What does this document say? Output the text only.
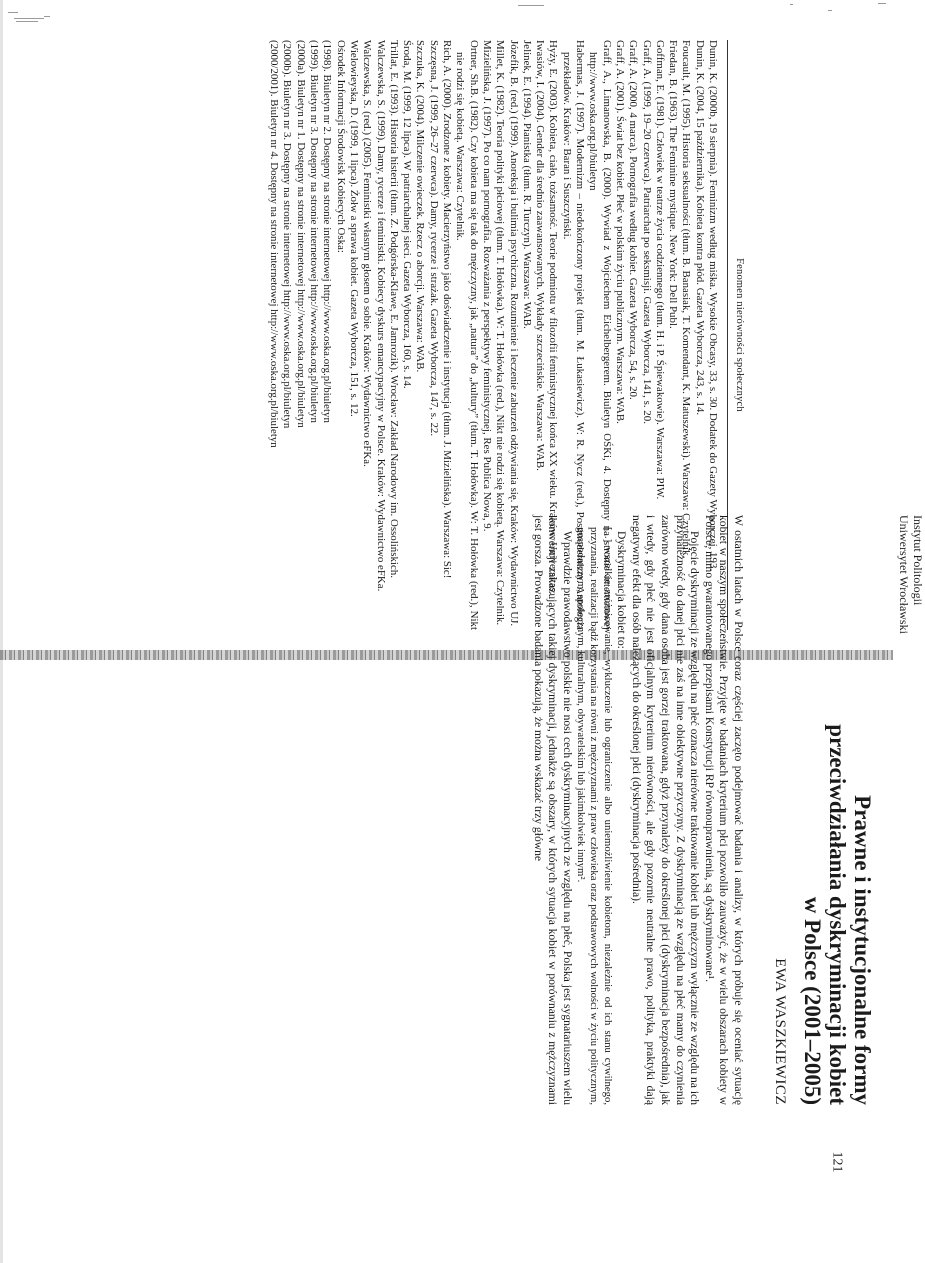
Fenomen nierówności społecznych
Dunin, K. (2000b, 19 sierpnia). Feminizm według miśka. Wysokie Obcasy, 33, s. 30. Dodatek do Gazety Wyborczej, 193.
Dunin, K. (2004, 15 października). Kobieta kontra płód. Gazeta Wyborcza, 243, s. 14.
Foucault, M. (1995). Historia seksualności (tłum. B. Banasiak, T. Komendant, K. Matuszewski). Warszawa: Czytelnik.
Friedan, B. (1963). The Feminine mystique. New York: Dell Publ.
Goffman, E. (1981). Człowiek w teatrze życia codziennego (tłum. H. i P. Śpiewakowie). Warszawa: PIW.
Graff, A. (1999, 19–20 czerwca). Patriarchat po seksmisji. Gazeta Wyborcza, 141, s. 20.
Graff, A. (2000, 4 marca). Pornografia według kobiet. Gazeta Wyborcza, 54, s. 20.
Graff, A. (2001). Świat bez kobiet. Płeć w polskim życiu publicznym. Warszawa: WAB.
Graff, A., Limanowska, B. (2000). Wywiad z Wojciechem Eichelbergerem. Biuletyn OŚKi, 4. Dostępny na stronie internetowej http://www.oska.org.pl/biuletyn
Habermas, J. (1997). Modernizm – niedokończony projekt (tłum. M. Łukasiewicz). W: R. Nycz (red.), Postmodernizm. Antologia przekładów. Kraków: Baran i Suszczyński.
Hyży, E. (2003). Kobieta, ciało, tożsamość. Teorie podmiotu w filozofii feministycznej końca XX wieku. Kraków: Universitas.
Iwasiów, I. (2004). Gender dla średnio zaawansowanych. Wykłady szczecińskie. Warszawa: WAB.
Jelinek, E. (1994). Pianistka (tłum. R. Turczyn). Warszawa: WAB.
Józefik, B. (red.) (1999). Anoreksja i bulimia psychiczna. Rozumienie i leczenie zaburzeń odżywiania się. Kraków: Wydawnictwo UJ.
Millet, K. (1982). Teoria polityki płciowej (tłum. T. Hołówka). W: T. Hołówka (red.), Nikt nie rodzi się kobietą. Warszawa: Czytelnik.
Mizielińska, J. (1997). Po co nam pornografia. Rozważania z perspektywy feministycznej, Res Publica Nowa, 9.
Ortner, Sh.B. (1982). Czy kobieta ma się tak do mężczyzny, jak „natura” do „kultury” (tłum. T. Hołówka). W: T. Hołówka (red.), Nikt nie rodzi się kobietą. Warszawa: Czytelnik.
Rich, A. (2000). Zrodzone z kobiety. Macierzyństwo jako doświadczenie i instytucja (tłum. J. Mizielińska). Warszawa: Sic!
Szczęsna, J. (1999, 26–27 czerwca). Damy, rycerze i strażak. Gazeta Wyborcza, 147, s. 22.
Szczuka, K. (2004). Milczenie owieczek. Rzecz o aborcji. Warszawa: WAB.
Środa, M. (1999, 12 lipca). W patriarchalnej sieci. Gazeta Wyborcza, 160, s. 14.
Trillat, E. (1993). Historia histerii (tłum. Z. Podgórska-Klawe, E. Jamrozik). Wrocław: Zakład Narodowy im. Ossolińskich.
Walczewska, S. (1999). Damy, rycerze i feministki. Kobiecy dyskurs emancypacyjny w Polsce. Kraków: Wydawnictwo eFKa.
Walczewska, S. (red.) (2005). Feministki własnym głosem o sobie. Kraków: Wydawnictwo eFKa.
Wielowieyska, D. (1999, 1 lipca). Żołw a sprawa kobiet. Gazeta Wyborcza, 151, s. 12.
Ośrodek Informacji Środowisk Kobiecych Oska:
(1998). Biuletyn nr 2. Dostępny na stronie internetowej http://www.oska.org.pl/biuletyn
(1999). Biuletyn nr 3. Dostępny na stronie internetowej http://www.oska.org.pl/biuletyn
(2000a). Biuletyn nr 1. Dostępny na stronie internetowej http://www.oska.org.pl/biuletyn
(2000b). Biuletyn nr 3. Dostępny na stronie internetowej http://www.oska.org.pl/biuletyn
(2000/2001). Biuletyn nr 4. Dostępny na stronie internetowej http://www.oska.org.pl/biuletyn
Instytut Politologii
Uniwersytet Wrocławski
Prawne i instytucjonalne formy
przeciwdziałania dyskryminacji kobiet
w Polsce (2001–2005)
EWA WASZKIEWICZ

W ostatnich latach w Polsce coraz częściej zaczęto podejmować badania i analizy, w których próbuje się oceniać sytuację kobiet w naszym społeczeństwie. Przyjęte w badaniach kryterium płci pozwoliło zauważyć, że w wielu obszarach kobiety w Polsce, mimo gwarantowanego przepisami Konstytucji RP równouprawnienia, są dyskryminowane¹.

Pojęcie dyskryminacji ze względu na płeć oznacza nierówne traktowanie kobiet lub mężczyzn wyłącznie ze względu na ich przynależność do danej płci nie zaś na inne obiektywne przyczyny. Z dyskryminacją ze względu na płeć mamy do czynienia zarówno wtedy, gdy dana osoba jest gorzej traktowana, gdyż przynależy do określonej płci (dyskryminacja bezpośrednia), jak i wtedy, gdy płeć nie jest oficjalnym kryterium nierówności, ale gdy pozornie neutralne prawo, polityka, praktyki dają negatywny efekt dla osób należących do określonej płci (dyskryminacja pośrednia).

Dyskryminacja kobiet to:

[...] wszelkie zróżnicowanie, wykluczenie lub ograniczenie albo uniemożliwienie kobietom, niezależnie od ich stanu cywilnego, przyznania, realizacji bądź korzystania na równi z mężczyznami z praw człowieka oraz podstawowych wolności w życiu politycznym, gospodarczym, społecznym, kulturalnym, obywatelskim lub jakimkolwiek innym².

Wprawdzie prawodawstwo polskie nie nosi cech dyskryminacyjnych ze względu na płeć, Polska jest sygnatariuszem wielu konwencji zakazujących takiej dyskryminacji, jednakże są obszary, w których sytuacja kobiet w porównaniu z mężczyznami jest gorsza. Prowadzone badania pokazują, że można wskazać trzy główne

121
